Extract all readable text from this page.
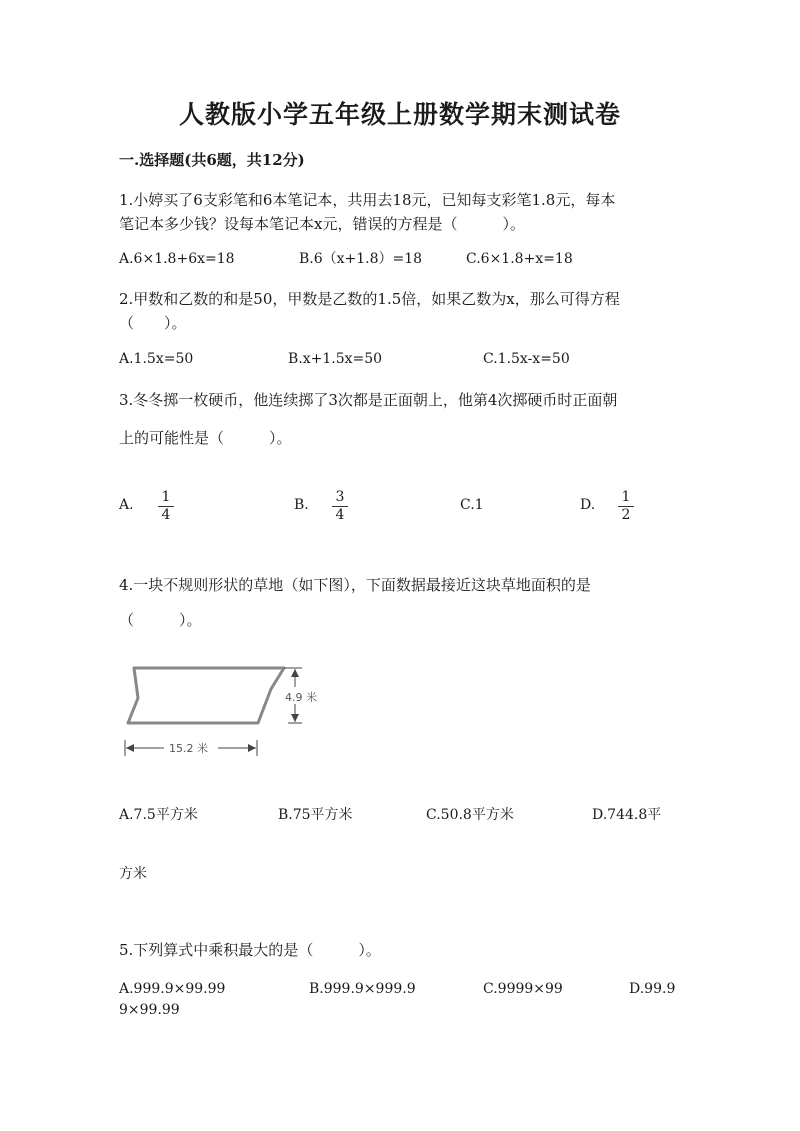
人教版小学五年级上册数学期末测试卷
一.选择题(共6题，共12分)
1.小婷买了6支彩笔和6本笔记本，共用去18元，已知每支彩笔1.8元，每本
笔记本多少钱？设每本笔记本x元，错误的方程是（　　　）。
A.6×1.8+6x=18	B.6（x+1.8）=18	C.6×1.8+x=18
2.甲数和乙数的和是50，甲数是乙数的1.5倍，如果乙数为x，那么可得方程
（　　）。
A.1.5x=50	B.x+1.5x=50	C.1.5x-x=50
3.冬冬掷一枚硬币，他连续掷了3次都是正面朝上，他第4次掷硬币时正面朝
上的可能性是（　　　）。
A. 1
4
B. 3
4
C.1	D. 1
2
4.一块不规则形状的草地（如下图），下面数据最接近这块草地面积的是
（　　　）。
4.9 米
15.2 米
A.7.5平方米	B.75平方米	C.50.8平方米	D.744.8平
方米
5.下列算式中乘积最大的是（　　　）。
A.999.9×99.99	B.999.9×999.9	C.9999×99	D.99.9
9×99.99
